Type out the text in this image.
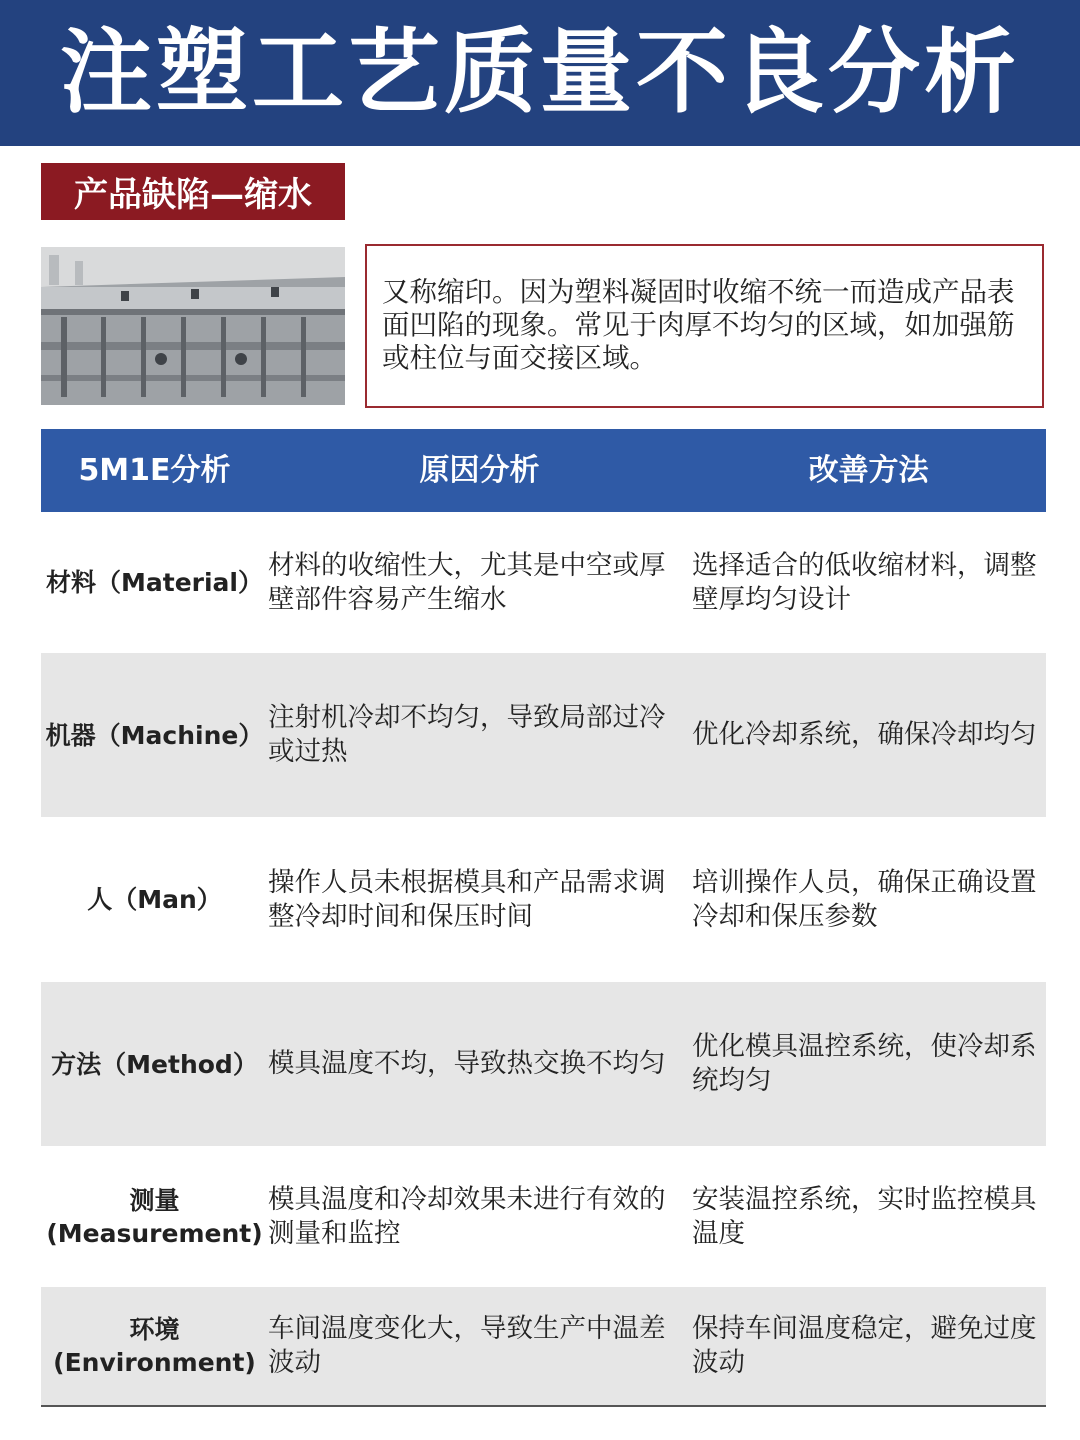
注塑工艺质量不良分析
产品缺陷—缩水
又称缩印。因为塑料凝固时收缩不统一而造成产品表面凹陷的现象。常见于肉厚不均匀的区域，如加强筋或柱位与面交接区域。
5M1E分析	原因分析	改善方法
材料（Material）
材料的收缩性大，尤其是中空或厚壁部件容易产生缩水
选择适合的低收缩材料，调整壁厚均匀设计
机器（Machine）
注射机冷却不均匀，导致局部过冷或过热
优化冷却系统，确保冷却均匀
人（Man）
操作人员未根据模具和产品需求调整冷却时间和保压时间
培训操作人员，确保正确设置冷却和保压参数
方法（Method） 模具温度不均，导致热交换不均匀
优化模具温控系统，使冷却系统均匀
测量
(Measurement)
模具温度和冷却效果未进行有效的测量和监控
安装温控系统，实时监控模具温度
环境
(Environment)
车间温度变化大，导致生产中温差波动
保持车间温度稳定，避免过度波动
